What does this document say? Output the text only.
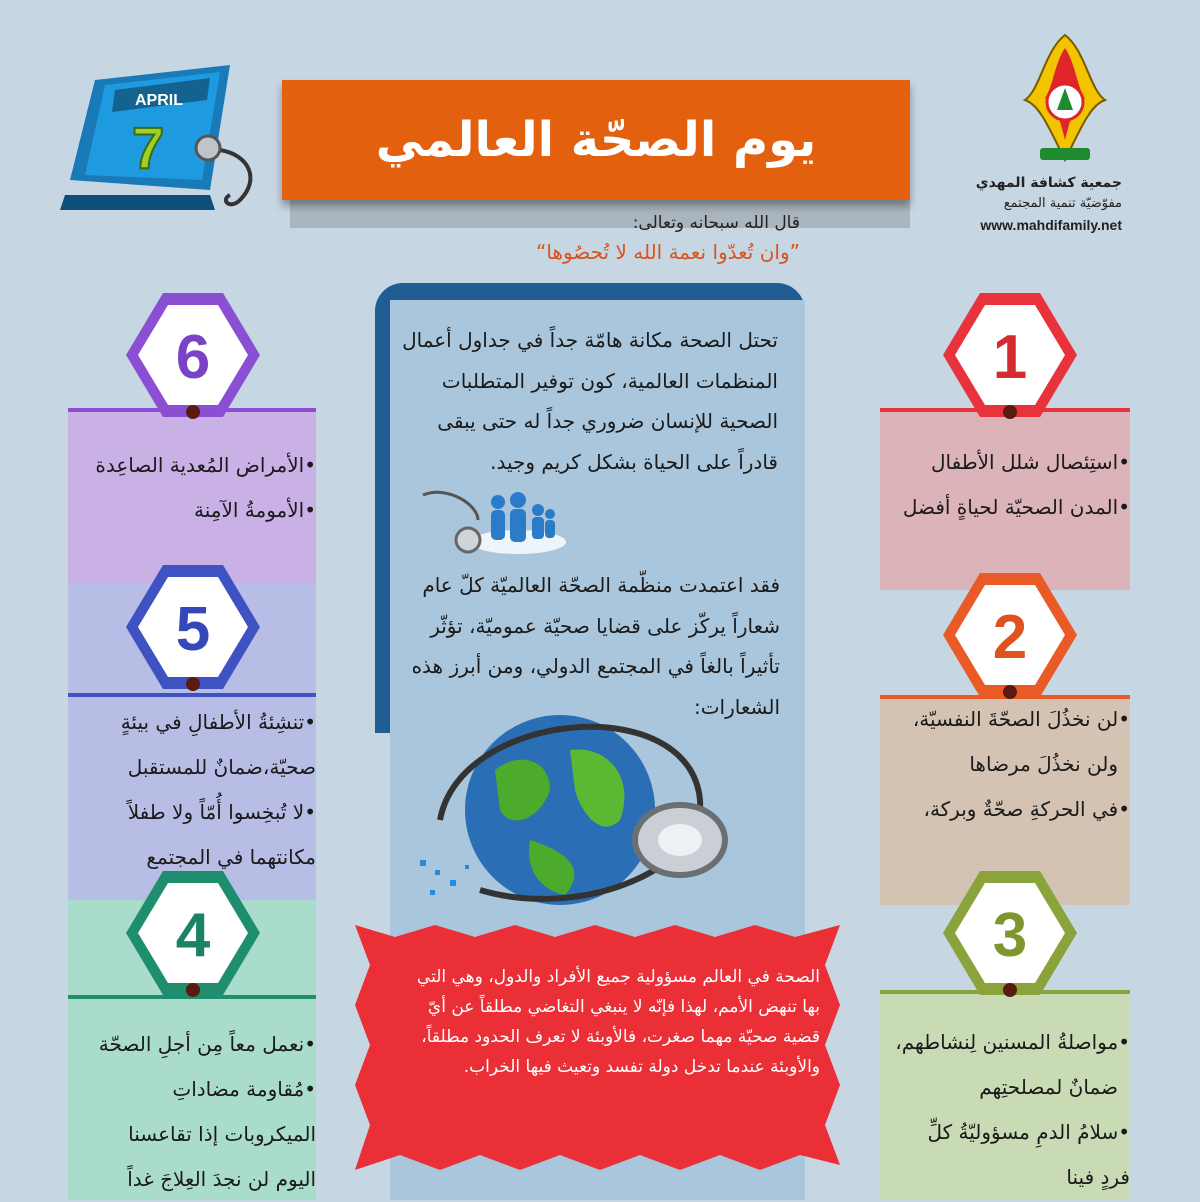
يوم الصحّة العالمي
APRIL
7
جمعية كشافة المهدي
مفوّضيّة تنمية المجتمع
www.mahdifamily.net
قال الله سبحانه وتعالى:
”وان تُعدّوا نعمة الله لا تُحصُوها“
تحتل الصحة مكانة هامّة جداً في جداول أعمال المنظمات العالمية، كون توفير المتطلبات الصحية للإنسان ضروري جداً له حتى يبقى قادراً على الحياة بشكل كريم وجيد.
فقد اعتمدت منظّمة الصحّة العالميّة كلّ عام شعاراً يركّز على قضايا صحيّة عموميّة، تؤثّر تأثيراً بالغاً في المجتمع الدولي، ومن أبرز هذه الشعارات:
الصحة في العالم مسؤولية جميع الأفراد والدول، وهي التي بها تنهض الأمم، لهذا فإنّه لا ينبغي التغاضي مطلقاً عن أيّ قضية صحيّة مهما صغرت، فالأوبئة لا تعرف الحدود مطلقاً، والأوبئة عندما تدخل دولة تفسد وتعيث فيها الخراب.
1
2
3
6
5
4
•استِئصال شلل الأطفال
•المدن الصحيّة لحياةٍ أفضل
•لن نخذُلَ الصحّةَ النفسيّة،
ولن نخذُلَ مرضاها
•في الحركةِ صحّةٌ وبركة،
•مواصلةُ المسنين لِنشاطهم،
ضمانٌ لمصلحتِهم
•سلامُ الدمِ مسؤوليّةُ كلِّ
فردٍ فينا
•الأمراض المُعدية الصاعِدة
•الأمومةُ الآمِنة
•تنشِئةُ الأطفالِ في بيئةٍ
صحيّة،ضمانٌ للمستقبل
•لا تُبخِسوا أُمّاً ولا طفلاً
مكانتهما في المجتمع
•نعمل معاً مِن أجلِ الصحّة
•مُقاومة مضاداتِ
الميكروبات إذا تقاعسنا
اليوم لن نجدَ العِلاجَ غداً
